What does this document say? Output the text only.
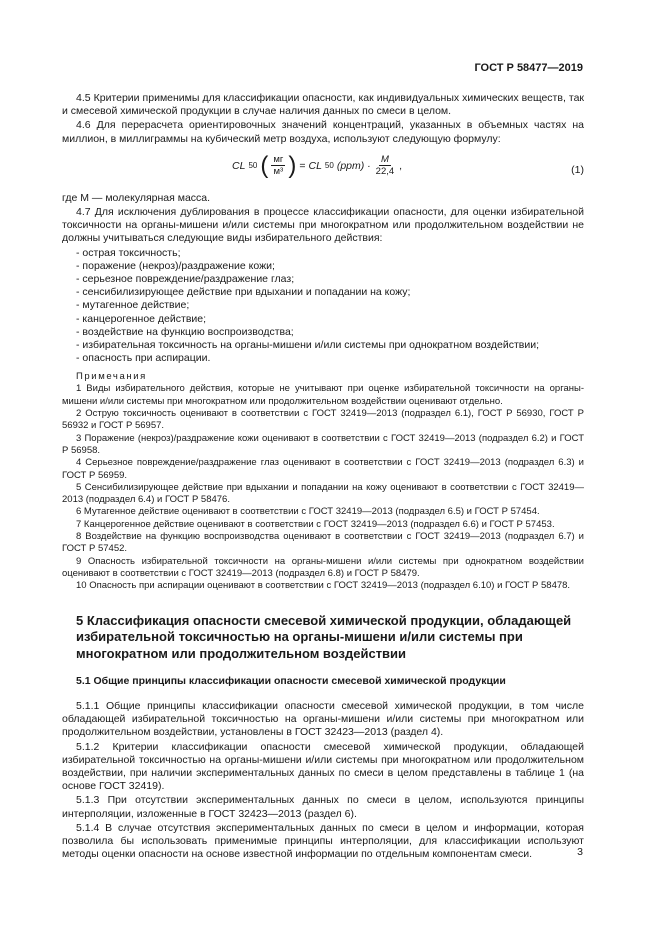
ГОСТ Р 58477—2019

4.5 Критерии применимы для классификации опасности, как индивидуальных химических веществ, так и смесевой химической продукции в случае наличия данных по смеси в целом.

4.6 Для перерасчета ориентировочных значений концентраций, указанных в объемных частях на миллион, в миллиграммы на кубический метр воздуха, используют следующую формулу:

CL 50 ( $\frac{мг}{\text{м³}}$ ) = CL 50 $(ppm) \cdot \frac{M}{22,4}$ ,	(1)

где M — молекулярная масса.

4.7 Для исключения дублирования в процессе классификации опасности, для оценки избирательной токсичности на органы-мишени и/или системы при многократном или продолжительном воздействии не должны учитываться следующие виды избирательного действия:

- острая токсичность;

- поражение (некроз)/раздражение кожи;

- серьезное повреждение/раздражение глаз;

- сенсибилизирующее действие при вдыхании и попадании на кожу;

- мутагенное действие;

- канцерогенное действие;

- воздействие на функцию воспроизводства;

- избирательная токсичность на органы-мишени и/или системы при однократном воздействии;

- опасность при аспирации.

Примечания

1 Виды избирательного действия, которые не учитывают при оценке избирательной токсичности на органы-мишени и/или системы при многократном или продолжительном воздействии оценивают отдельно.

2 Острую токсичность оценивают в соответствии с ГОСТ 32419—2013 (подраздел 6.1), ГОСТ Р 56930, ГОСТ Р 56932 и ГОСТ Р 56957.

3 Поражение (некроз)/раздражение кожи оценивают в соответствии с ГОСТ 32419—2013 (подраздел 6.2) и ГОСТ Р 56958.

4 Серьезное повреждение/раздражение глаз оценивают в соответствии с ГОСТ 32419—2013 (подраздел 6.3) и ГОСТ Р 56959.

5 Сенсибилизирующее действие при вдыхании и попадании на кожу оценивают в соответствии с ГОСТ 32419—2013 (подраздел 6.4) и ГОСТ Р 58476.

6 Мутагенное действие оценивают в соответствии с ГОСТ 32419—2013 (подраздел 6.5) и ГОСТ Р 57454.

7 Канцерогенное действие оценивают в соответствии с ГОСТ 32419—2013 (подраздел 6.6) и ГОСТ Р 57453.

8 Воздействие на функцию воспроизводства оценивают в соответствии с ГОСТ 32419—2013 (подраздел 6.7) и ГОСТ Р 57452.

9 Опасность избирательной токсичности на органы-мишени и/или системы при однократном воздействии оценивают в соответствии с ГОСТ 32419—2013 (подраздел 6.8) и ГОСТ Р 58479.

10 Опасность при аспирации оценивают в соответствии с ГОСТ 32419—2013 (подраздел 6.10) и ГОСТ Р 58478.

5 Классификация опасности смесевой химической продукции, обладающей избирательной токсичностью на органы-мишени и/или системы при многократном или продолжительном воздействии
5.1 Общие принципы классификации опасности смесевой химической продукции

5.1.1 Общие принципы классификации опасности смесевой химической продукции, в том числе обладающей избирательной токсичностью на органы-мишени и/или системы при многократном или продолжительном воздействии, установлены в ГОСТ 32423—2013 (раздел 4).

5.1.2 Критерии классификации опасности смесевой химической продукции, обладающей избирательной токсичностью на органы-мишени и/или системы при многократном или продолжительном воздействии, при наличии экспериментальных данных по смеси в целом представлены в таблице 1 (на основе ГОСТ 32419).

5.1.3 При отсутствии экспериментальных данных по смеси в целом, используются принципы интерполяции, изложенные в ГОСТ 32423—2013 (раздел 6).

5.1.4 В случае отсутствия экспериментальных данных по смеси в целом и информации, которая позволила бы использовать применимые принципы интерполяции, для классификации используют методы оценки опасности на основе известной информации по отдельным компонентам смеси.	3
